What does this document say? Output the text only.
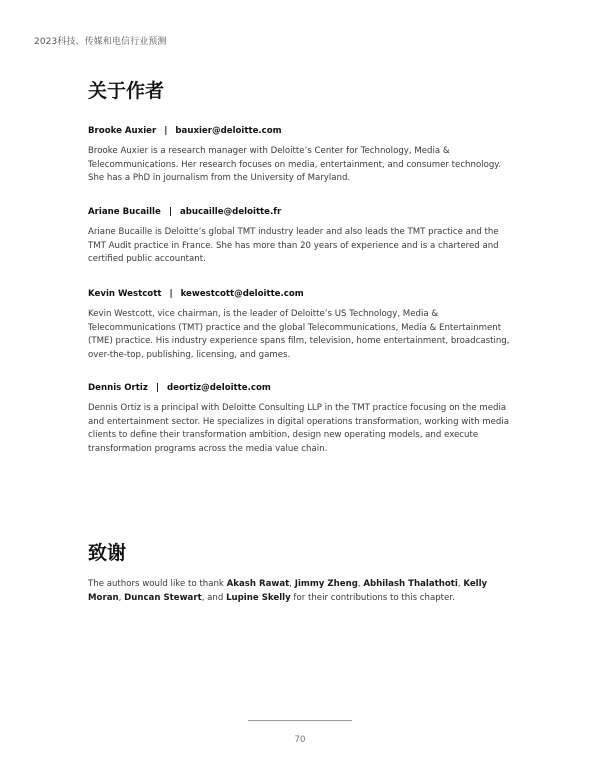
2023科技、传媒和电信行业预测
关于作者

Brooke Auxier | bauxier@deloitte.com

Brooke Auxier is a research manager with Deloitte’s Center for Technology, Media & Telecommunications. Her research focuses on media, entertainment, and consumer technology. She has a PhD in journalism from the University of Maryland.

Ariane Bucaille | abucaille@deloitte.fr

Ariane Bucaille is Deloitte’s global TMT industry leader and also leads the TMT practice and the TMT Audit practice in France. She has more than 20 years of experience and is a chartered and certified public accountant.

Kevin Westcott | kewestcott@deloitte.com

Kevin Westcott, vice chairman, is the leader of Deloitte’s US Technology, Media & Telecommunications (TMT) practice and the global Telecommunications, Media & Entertainment (TME) practice. His industry experience spans film, television, home entertainment, broadcasting, over-the-top, publishing, licensing, and games.

Dennis Ortiz | deortiz@deloitte.com

Dennis Ortiz is a principal with Deloitte Consulting LLP in the TMT practice focusing on the media and entertainment sector. He specializes in digital operations transformation, working with media clients to define their transformation ambition, design new operating models, and execute transformation programs across the media value chain.

致谢

The authors would like to thank Akash Rawat, Jimmy Zheng, Abhilash Thalathoti, Kelly Moran, Duncan Stewart, and Lupine Skelly for their contributions to this chapter.

70
